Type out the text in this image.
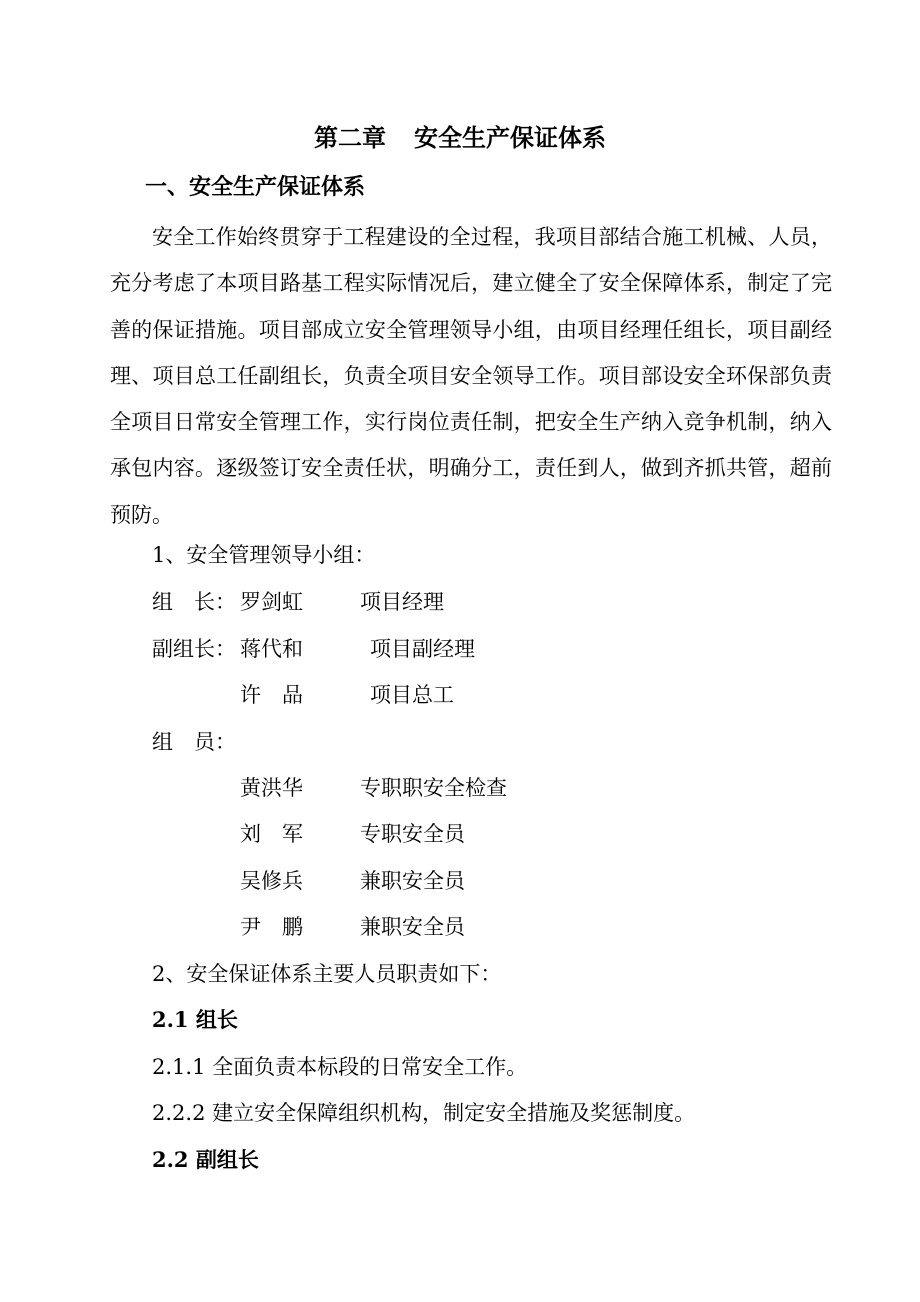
第二章 安全生产保证体系
一、安全生产保证体系
安全工作始终贯穿于工程建设的全过程，我项目部结合施工机械、人员，充分考虑了本项目路基工程实际情况后，建立健全了安全保障体系，制定了完善的保证措施。项目部成立安全管理领导小组，由项目经理任组长，项目副经理、项目总工任副组长，负责全项目安全领导工作。项目部设安全环保部负责全项目日常安全管理工作，实行岗位责任制，把安全生产纳入竞争机制，纳入承包内容。逐级签订安全责任状，明确分工，责任到人，做到齐抓共管，超前预防。
1、安全管理领导小组：
组　长： 罗剑虹	项目经理
副组长： 蒋代和	项目副经理
许　品	项目总工
组　员：
黄洪华	专职职安全检查
刘　军	专职安全员
吴修兵	兼职安全员
尹　鹏	兼职安全员
2、安全保证体系主要人员职责如下：
2.1 组长
2.1.1 全面负责本标段的日常安全工作。
2.2.2 建立安全保障组织机构，制定安全措施及奖惩制度。
2.2 副组长
